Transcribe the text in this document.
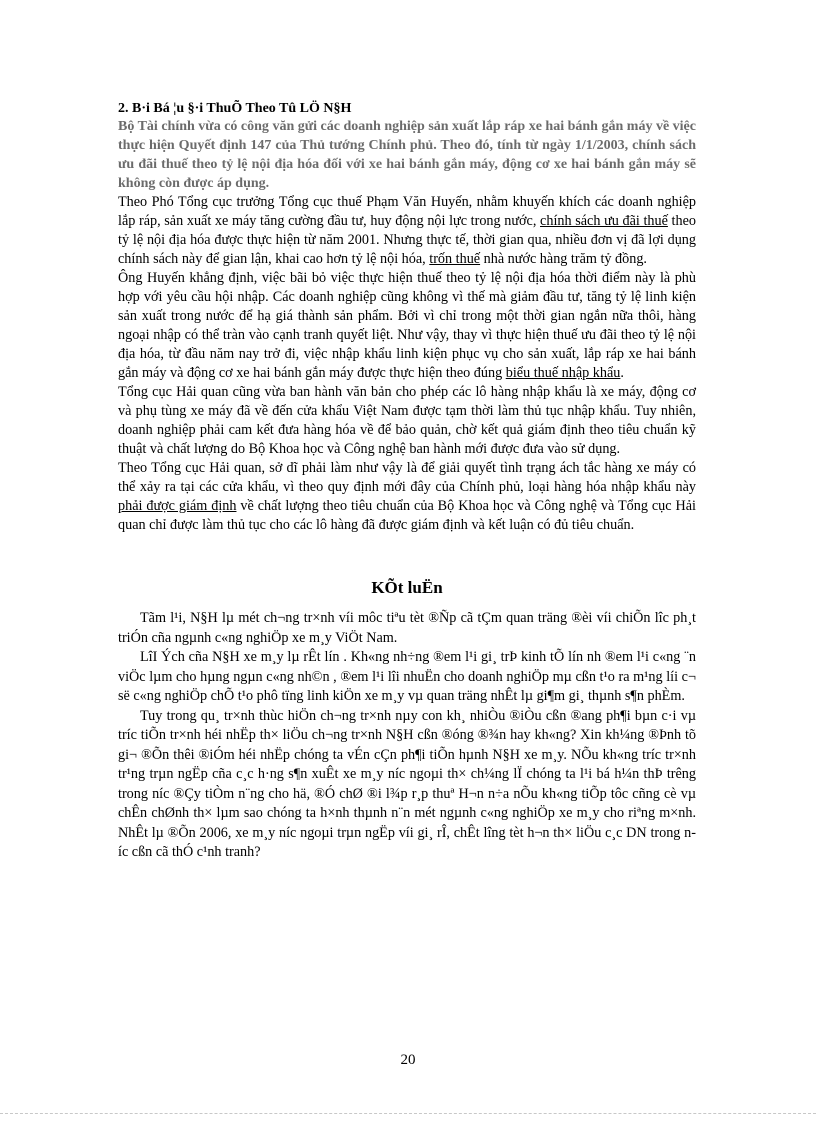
2. B·i Bá ¦u §·i ThuÕ Theo Tû LÖ N§H

Bộ Tài chính vừa có công văn gửi các doanh nghiệp sản xuất lắp ráp xe hai bánh gắn máy về việc thực hiện Quyết định 147 của Thủ tướng Chính phủ. Theo đó, tính từ ngày 1/1/2003, chính sách ưu đãi thuế theo tỷ lệ nội địa hóa đối với xe hai bánh gắn máy, động cơ xe hai bánh gắn máy sẽ không còn được áp dụng.

Theo Phó Tổng cục trưởng Tổng cục thuế Phạm Văn Huyến, nhằm khuyến khích các doanh nghiệp lắp ráp, sản xuất xe máy tăng cường đầu tư, huy động nội lực trong nước, chính sách ưu đãi thuế theo tỷ lệ nội địa hóa được thực hiện từ năm 2001. Nhưng thực tế, thời gian qua, nhiều đơn vị đã lợi dụng chính sách này để gian lận, khai cao hơn tỷ lệ nội hóa, trốn thuế nhà nước hàng trăm tỷ đồng.

Ông Huyến khẳng định, việc bãi bỏ việc thực hiện thuế theo tỷ lệ nội địa hóa thời điểm này là phù hợp với yêu cầu hội nhập. Các doanh nghiệp cũng không vì thế mà giảm đầu tư, tăng tỷ lệ linh kiện sản xuất trong nước để hạ giá thành sản phẩm. Bởi vì chỉ trong một thời gian ngắn nữa thôi, hàng ngoại nhập có thể tràn vào cạnh tranh quyết liệt. Như vậy, thay vì thực hiện thuế ưu đãi theo tỷ lệ nội địa hóa, từ đầu năm nay trở đi, việc nhập khẩu linh kiện phục vụ cho sản xuất, lắp ráp xe hai bánh gắn máy và động cơ xe hai bánh gắn máy được thực hiện theo đúng biểu thuế nhập khẩu.

Tổng cục Hải quan cũng vừa ban hành văn bản cho phép các lô hàng nhập khẩu là xe máy, động cơ và phụ tùng xe máy đã về đến cửa khẩu Việt Nam được tạm thời làm thủ tục nhập khẩu. Tuy nhiên, doanh nghiệp phải cam kết đưa hàng hóa về để bảo quản, chờ kết quả giám định theo tiêu chuẩn kỹ thuật và chất lượng do Bộ Khoa học và Công nghệ ban hành mới được đưa vào sử dụng.

Theo Tổng cục Hải quan, sở dĩ phải làm như vậy là để giải quyết tình trạng ách tắc hàng xe máy có thể xảy ra tại các cửa khẩu, vì theo quy định mới đây của Chính phủ, loại hàng hóa nhập khẩu này phải được giám định về chất lượng theo tiêu chuẩn của Bộ Khoa học và Công nghệ và Tổng cục Hải quan chỉ được làm thủ tục cho các lô hàng đã được giám định và kết luận có đủ tiêu chuẩn.

KÕt luËn

Tãm l¹i, N§H lµ mét ch¬ng tr×nh víi môc tiªu tèt ®Ñp cã tÇm quan träng ®èi víi chiÕn lîc ph¸t triÓn cña ngµnh c«ng nghiÖp xe m¸y ViÖt Nam.

LîI Ých cña N§H xe m¸y lµ rÊt lín . Kh«ng nh÷ng ®em l¹i gi¸ trÞ kinh tÕ lín nh ®em l¹i c«ng ¨n viÖc lµm cho hµng ngµn c«ng nh©n , ®em l¹i lîi nhuËn cho doanh nghiÖp mµ cßn t¹o ra m¹ng líi c¬ së c«ng nghiÖp chÕ t¹o phô tïng linh kiÖn xe m¸y vµ quan träng nhÊt lµ gi¶m gi¸ thµnh s¶n phÈm.

Tuy trong qu¸ tr×nh thùc hiÖn ch¬ng tr×nh nµy con kh¸ nhiÒu ®iÒu cßn ®ang ph¶i bµn c·i vµ tríc tiÕn tr×nh héi nhËp th× liÖu ch¬ng tr×nh N§H cßn ®óng ®¾n hay kh«ng? Xin kh¼ng ®Þnh tõ gi¬ ®Õn thêi ®iÓm héi nhËp chóng ta vÉn cÇn ph¶i tiÕn hµnh N§H xe m¸y. NÕu kh«ng tríc tr×nh tr¹ng trµn ngËp cña c¸c h·ng s¶n xuÊt xe m¸y níc ngoµi th× ch¼ng lÏ chóng ta l¹i bá h¼n thÞ trêng trong níc ®Çy tiÒm n¨ng cho hä, ®Ó chØ ®i l¾p r¸p thuª H¬n n÷a nÕu kh«ng tiÕp tôc cñng cè vµ chÊn chØnh th× lµm sao chóng ta h×nh thµnh n¨n mét ngµnh c«ng nghiÖp xe m¸y cho riªng m×nh. NhÊt lµ ®Õn 2006, xe m¸y níc ngoµi trµn ngËp víi gi¸ rÎ, chÊt lîng tèt h¬n th× liÖu c¸c DN trong níc cßn cã thÓ c¹nh tranh?

20
